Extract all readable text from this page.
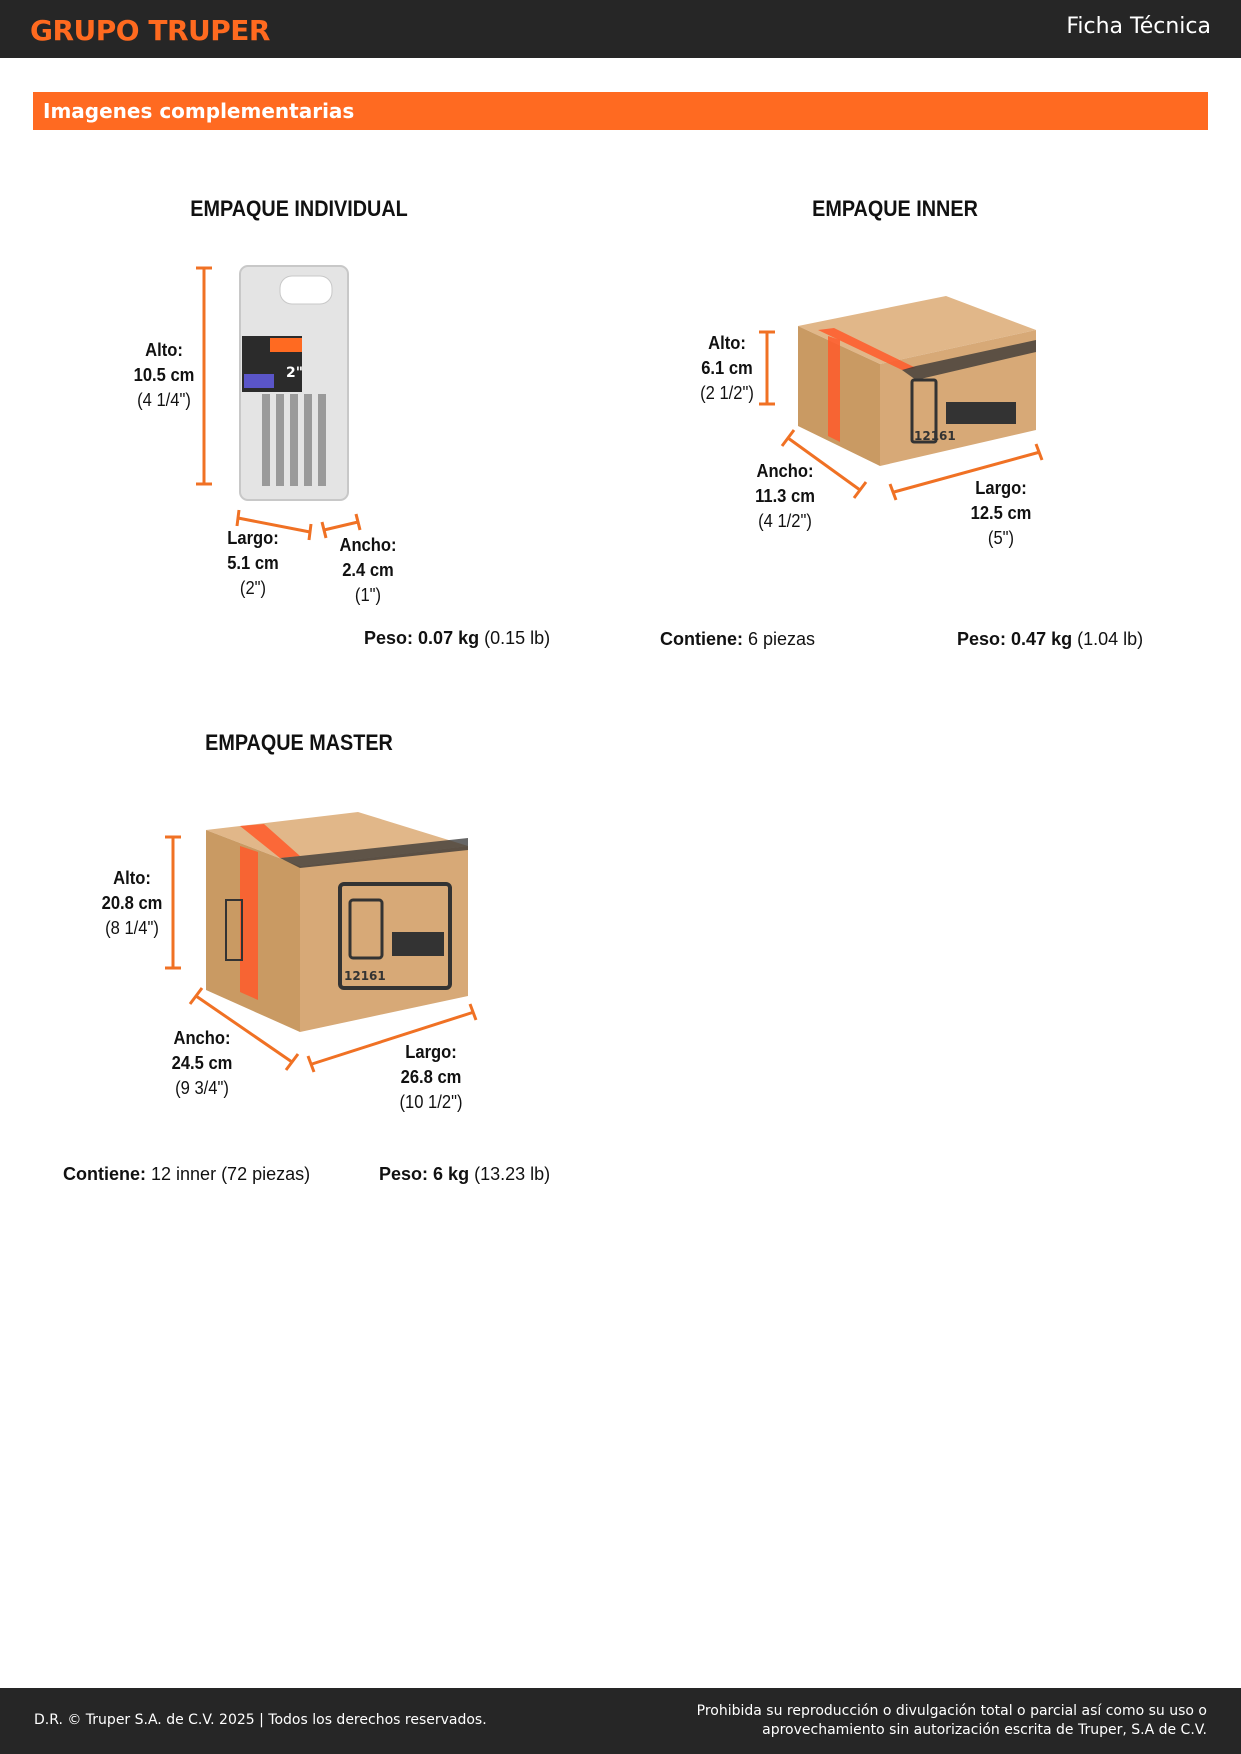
GRUPO TRUPER	Ficha Técnica
Imagenes complementarias
2"
12161
12161
EMPAQUE INDIVIDUAL
Alto:
10.5 cm
(4 1/4")
Largo:
5.1 cm
(2")
Ancho:
2.4 cm
(1")
Peso: 0.07 kg (0.15 lb)
EMPAQUE INNER
Alto:
6.1 cm
(2 1/2")
Ancho:
11.3 cm
(4 1/2")
Largo:
12.5 cm
(5")
Contiene: 6 piezas	Peso: 0.47 kg (1.04 lb)
EMPAQUE MASTER
Alto:
20.8 cm
(8 1/4")
Ancho:
24.5 cm
(9 3/4")
Largo:
26.8 cm
(10 1/2")
Contiene: 12 inner (72 piezas)	Peso: 6 kg (13.23 lb)
D.R. © Truper S.A. de C.V. 2025 | Todos los derechos reservados.
Prohibida su reproducción o divulgación total o parcial así como su uso o
aprovechamiento sin autorización escrita de Truper, S.A de C.V.
